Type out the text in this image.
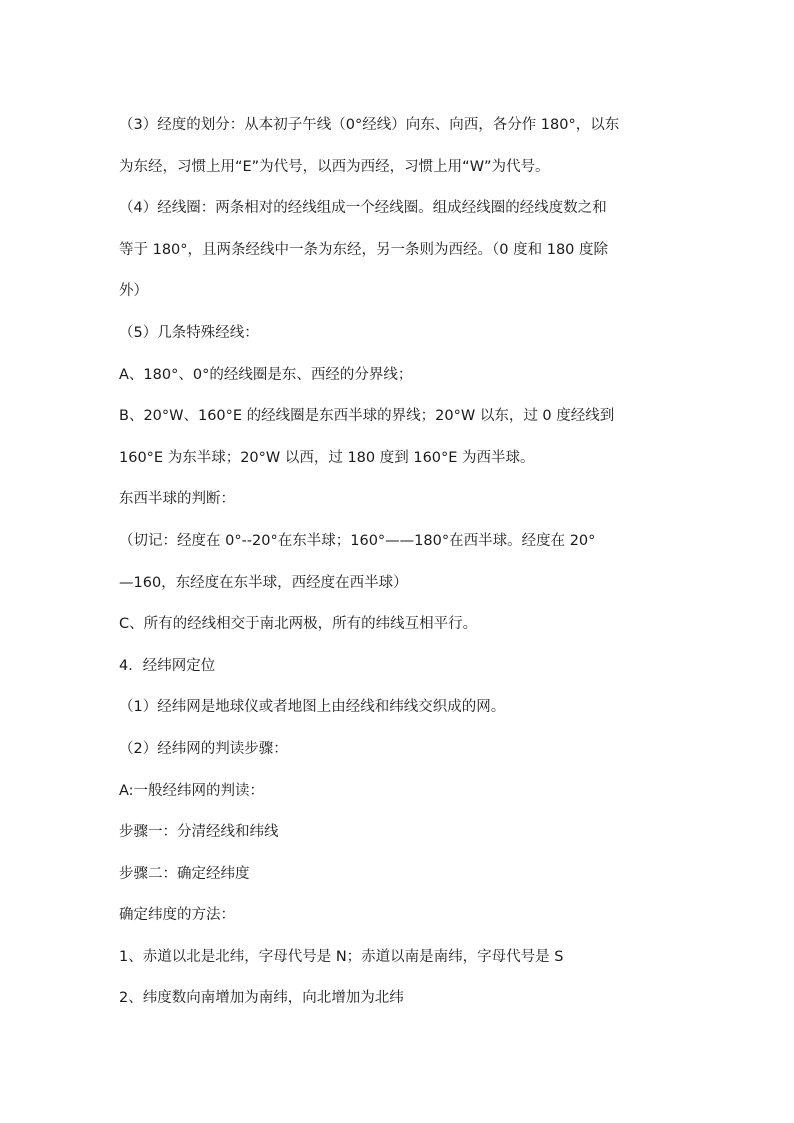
（3）经度的划分：从本初子午线（0°经线）向东、向西，各分作 180°，以东
为东经，习惯上用“E”为代号，以西为西经，习惯上用“W”为代号。
（4）经线圈：两条相对的经线组成一个经线圈。组成经线圈的经线度数之和
等于 180°，且两条经线中一条为东经，另一条则为西经。（0 度和 180 度除
外）
（5）几条特殊经线：
A、180°、0°的经线圈是东、西经的分界线；
B、20°W、160°E 的经线圈是东西半球的界线；20°W 以东，过 0 度经线到
160°E 为东半球；20°W 以西，过 180 度到 160°E 为西半球。
东西半球的判断：
（切记：经度在 0°--20°在东半球；160°——180°在西半球。经度在 20°
—160，东经度在东半球，西经度在西半球）
C、所有的经线相交于南北两极，所有的纬线互相平行。
4．经纬网定位
（1）经纬网是地球仪或者地图上由经线和纬线交织成的网。
（2）经纬网的判读步骤：
A:一般经纬网的判读：
步骤一：分清经线和纬线
步骤二：确定经纬度
确定纬度的方法：
1、赤道以北是北纬，字母代号是 N；赤道以南是南纬，字母代号是 S
2、纬度数向南增加为南纬，向北增加为北纬
